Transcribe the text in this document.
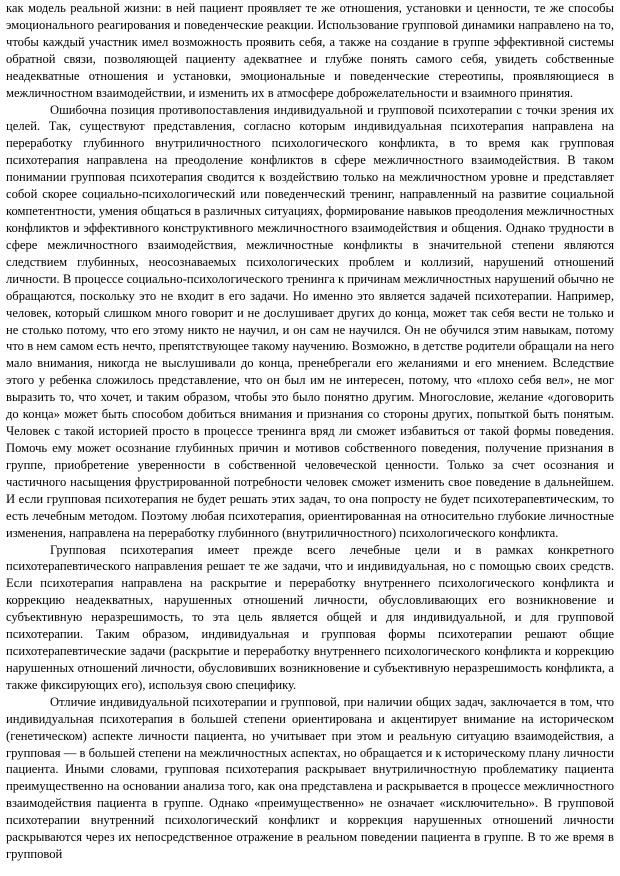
как модель реальной жизни: в ней пациент проявляет те же отношения, установки и ценности, те же способы эмоционального реагирования и поведенческие реакции. Использование групповой динамики направлено на то, чтобы каждый участник имел возможность проявить себя, а также на создание в группе эффективной системы обратной связи, позволяющей пациенту адекватнее и глубже понять самого себя, увидеть собственные неадекватные отношения и установки, эмоциональные и поведенческие стереотипы, проявляющиеся в межличностном взаимодействии, и изменить их в атмосфере доброжелательности и взаимного принятия.

Ошибочна позиция противопоставления индивидуальной и групповой психотерапии с точки зрения их целей. Так, существуют представления, согласно которым индивидуальная психотерапия направлена на переработку глубинного внутриличностного психологического конфликта, в то время как групповая психотерапия направлена на преодоление конфликтов в сфере межличностного взаимодействия. В таком понимании групповая психотерапия сводится к воздействию только на межличностном уровне и представляет собой скорее социально-психологический или поведенческий тренинг, направленный на развитие социальной компетентности, умения общаться в различных ситуациях, формирование навыков преодоления межличностных конфликтов и эффективного конструктивного межличностного взаимодействия и общения. Однако трудности в сфере межличностного взаимодействия, межличностные конфликты в значительной степени являются следствием глубинных, неосознаваемых психологических проблем и коллизий, нарушений отношений личности. В процессе социально-психологического тренинга к причинам межличностных нарушений обычно не обращаются, поскольку это не входит в его задачи. Но именно это является задачей психотерапии. Например, человек, который слишком много говорит и не дослушивает других до конца, может так себя вести не только и не столько потому, что его этому никто не научил, и он сам не научился. Он не обучился этим навыкам, потому что в нем самом есть нечто, препятствующее такому научению. Возможно, в детстве родители обращали на него мало внимания, никогда не выслушивали до конца, пренебрегали его желаниями и его мнением. Вследствие этого у ребенка сложилось представление, что он был им не интересен, потому, что «плохо себя вел», не мог выразить то, что хочет, и таким образом, чтобы это было понятно другим. Многословие, желание «договорить до конца» может быть способом добиться внимания и признания со стороны других, попыткой быть понятым. Человек с такой историей просто в процессе тренинга вряд ли сможет избавиться от такой формы поведения. Помочь ему может осознание глубинных причин и мотивов собственного поведения, получение признания в группе, приобретение уверенности в собственной человеческой ценности. Только за счет осознания и частичного насыщения фрустрированной потребности человек сможет изменить свое поведение в дальнейшем. И если групповая психотерапия не будет решать этих задач, то она попросту не будет психотерапевтическим, то есть лечебным методом. Поэтому любая психотерапия, ориентированная на относительно глубокие личностные изменения, направлена на переработку глубинного (внутриличностного) психологического конфликта.

Групповая психотерапия имеет прежде всего лечебные цели и в рамках конкретного психотерапевтического направления решает те же задачи, что и индивидуальная, но с помощью своих средств. Если психотерапия направлена на раскрытие и переработку внутреннего психологического конфликта и коррекцию неадекватных, нарушенных отношений личности, обусловливающих его возникновение и субъективную неразрешимость, то эта цель является общей и для индивидуальной, и для групповой психотерапии. Таким образом, индивидуальная и групповая формы психотерапии решают общие психотерапевтические задачи (раскрытие и переработку внутреннего психологического конфликта и коррекцию нарушенных отношений личности, обусловивших возникновение и субъективную неразрешимость конфликта, а также фиксирующих его), используя свою специфику.

Отличие индивидуальной психотерапии и групповой, при наличии общих задач, заключается в том, что индивидуальная психотерапия в большей степени ориентирована и акцентирует внимание на историческом (генетическом) аспекте личности пациента, но учитывает при этом и реальную ситуацию взаимодействия, а групповая — в большей степени на межличностных аспектах, но обращается и к историческому плану личности пациента. Иными словами, групповая психотерапия раскрывает внутриличностную проблематику пациента преимущественно на основании анализа того, как она представлена и раскрывается в процессе межличностного взаимодействия пациента в группе. Однако «преимущественно» не означает «исключительно». В групповой психотерапии внутренний психологический конфликт и коррекция нарушенных отношений личности раскрываются через их непосредственное отражение в реальном поведении пациента в группе. В то же время в групповой
